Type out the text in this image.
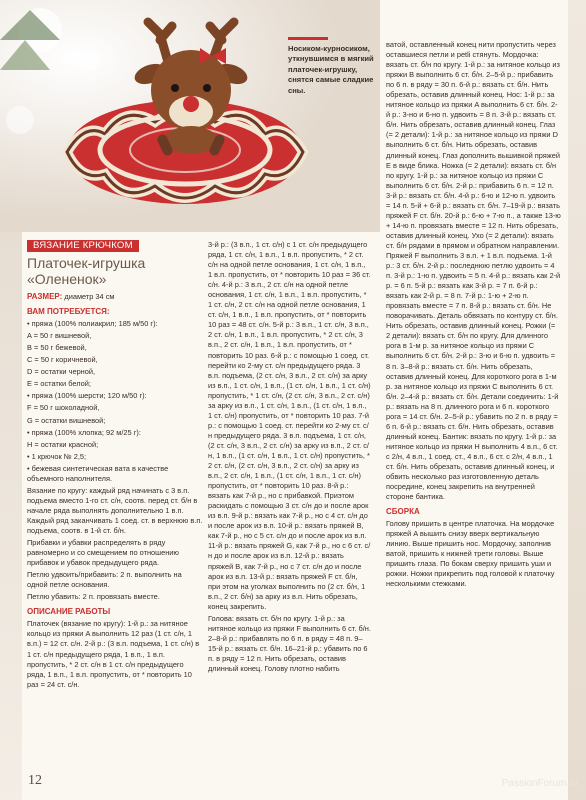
Носиком-курносиком, уткнувшимся в мягкий платочек-игрушку, снятся самые сладкие сны.
ВЯЗАНИЕ КРЮЧКОМ
Платочек-игрушка
«Олененок»

РАЗМЕР: диаметр 34 см

ВАМ ПОТРЕБУЕТСЯ:

• пряжа (100% полиакрил; 185 м/50 г):

A = 50 г вишневой,

B = 50 г бежевой,

C = 50 г коричневой,

D = остатки черной,

E = остатки белой;

• пряжа (100% шерсти; 120 м/50 г):

F = 50 г шоколадной,

G = остатки вишневой;

• пряжа (100% хлопка; 92 м/25 г):

H = остатки красной;

• 1 крючок № 2,5;

• бежевая синтетическая вата в качестве объемного наполнителя.

Вязание по кругу: каждый ряд начинать с 3 в.п. подъема вместо 1-го ст. с/н, соотв. перед ст. б/н в начале ряда выполнять дополнительно 1 в.п. Каждый ряд заканчивать 1 соед. ст. в верхнюю в.п. подъема, соотв. в 1-й ст. б/н.

Прибавки и убавки распределять в ряду равномерно и со смещением по отношению прибавок и убавок предыдущего ряда.

Петлю удвоить/прибавить: 2 п. выполнить на одной петле основания.

Петлю убавить: 2 п. провязать вместе.

ОПИСАНИЕ РАБОТЫ

Платочек (вязание по кругу): 1-й р.: за нитяное кольцо из пряжи A выполнить 12 раз (1 ст. с/н, 1 в.п.) = 12 ст. с/н. 2-й р.: (3 в.п. подъема, 1 ст. с/н) в 1 ст. с/н предыдущего ряда, 1 в.п., 1 в.п. пропустить, * 2 ст. с/н в 1 ст. с/н предыдущего ряда, 1 в.п., 1 в.п. пропустить, от * повторить 10 раз = 24 ст. с/н.

3-й р.: (3 в.п., 1 ст. с/н) с 1 ст. с/н предыдущего ряда, 1 ст. с/н, 1 в.п., 1 в.п. пропустить, * 2 ст. с/н на одной петле основания, 1 ст. с/н, 1 в.п., 1 в.п. пропустить, от * повторить 10 раз = 36 ст. с/н. 4-й р.: 3 в.п., 2 ст. с/н на одной петле основания, 1 ст. с/н, 1 в.п., 1 в.п. пропустить, * 1 ст. с/н, 2 ст. с/н на одной петле основания, 1 ст. с/н, 1 в.п., 1 в.п. пропустить, от * повторить 10 раз = 48 ст. с/н. 5-й р.: 3 в.п., 1 ст. с/н, 3 в.п., 2 ст. с/н, 1 в.п., 1 в.п. пропустить, * 2 ст. с/н, 3 в.п., 2 ст. с/н, 1 в.п., 1 в.п. пропустить, от * повторить 10 раз. 6-й р.: с помощью 1 соед. ст. перейти ко 2-му ст. с/н предыдущего ряда. 3 в.п. подъема, (2 ст. с/н, 3 в.п., 2 ст. с/н) за арку из в.п., 1 ст. с/н, 1 в.п., (1 ст. с/н, 1 в.п., 1 ст. с/н) пропустить, * 1 ст. с/н, (2 ст. с/н, 3 в.п., 2 ст. с/н) за арку из в.п., 1 ст. с/н, 1 в.п., (1 ст. с/н, 1 в.п., 1 ст. с/н) пропустить, от * повторить 10 раз. 7-й р.: с помощью 1 соед. ст. перейти ко 2-му ст. с/н предыдущего ряда. 3 в.п. подъема, 1 ст. с/н, (2 ст. с/н, 3 в.п., 2 ст. с/н) за арку из в.п., 2 ст. с/н, 1 в.п., (1 ст. с/н, 1 в.п., 1 ст. с/н) пропустить, * 2 ст. с/н, (2 ст. с/н, 3 в.п., 2 ст. с/н) за арку из в.п., 2 ст. с/н, 1 в.п., (1 ст. с/н, 1 в.п., 1 ст. с/н) пропустить, от * повторить 10 раз. 8-й р.: вязать как 7-й р., но с прибавкой. Приэтом раскидать с помощью 3 ст. с/н до и после арок из в.п. 9-й р.: вязать как 7-й р., но с 4 ст. с/н до и после арок из в.п. 10-й р.: вязать пряжей B, как 7-й р., но с 5 ст. с/н до и после арок из в.п. 11-й р.: вязать пряжей G, как 7-й р., но с 6 ст. с/н до и после арок из в.п. 12-й р.: вязать пряжей B, как 7-й р., но с 7 ст. с/н до и после арок из в.п. 13-й р.: вязать пряжей F ст. б/н, при этом на уголках выполнить по (2 ст. б/н, 1 в.п., 2 ст. б/н) за арку из в.п. Нить обрезать, конец закрепить.

Голова: вязать ст. б/н по кругу. 1-й р.: за нитяное кольцо из пряжи F выполнить 6 ст. б/н. 2–8-й р.: прибавлять по 6 п. в ряду = 48 п. 9–15-й р.: вязать ст. б/н. 16–21-й р.: убавить по 6 п. в ряду = 12 п. Нить обрезать, оставив длинный конец. Голову плотно набить

ватой, оставленный конец нити пропустить через оставшиеся петли и petli стянуть. Мордочка: вязать ст. б/н по кругу. 1-й р.: за нитяное кольцо из пряжи B выполнить 6 ст. б/н. 2–5-й р.: прибавить по 6 п. в ряду = 30 п. 6-й р.: вязать ст. б/н. Нить обрезать, оставив длинный конец. Нос: 1-й р.: за нитяное кольцо из пряжи A выполнить 6 ст. б/н. 2-й р.: 3-но и 6-но п. удвоить = 8 п. 3-й р.: вязать ст. б/н. Нить обрезать, оставив длинный конец. Глаз (= 2 детали): 1-й р.: за нитяное кольцо из пряжи D выполнить 6 ст. б/н. Нить обрезать, оставив длинный конец. Глаз дополнить вышивкой пряжей E в виде блика. Ножка (= 2 детали): вязать ст. б/н по кругу. 1-й р.: за нитяное кольцо из пряжи C выполнить 6 ст. б/н. 2-й р.: прибавить 6 п. = 12 п. 3-й р.: вязать ст. б/н. 4-й р.: 6-ю и 12-ю п. удвоить = 14 п. 5-й + 6-й р.: вязать ст. б/н. 7–19-й р.: вязать пряжей F ст. б/н. 20-й р.: 6-ю + 7-ю п., а также 13-ю + 14-ю п. провязать вместе = 12 п. Нить обрезать, оставив длинный конец. Ухо (= 2 детали): вязать ст. б/н рядами в прямом и обратном направлении. Пряжей F выполнить 3 в.п. + 1 в.п. подъема. 1-й р.: 3 ст. б/н. 2-й р.: последнюю петлю удвоить = 4 п. 3-й р.: 1-ю п. удвоить = 5 п. 4-й р.: вязать как 2-й р. = 6 п. 5-й р.: вязать как 3-й р. = 7 п. 6-й р.: вязать как 2-й р. = 8 п. 7-й р.: 1-ю + 2-ю п. провязать вместе = 7 п. 8-й р.: вязать ст. б/н. Не поворачивать. Деталь обвязать по контуру ст. б/н. Нить обрезать, оставив длинный конец. Рожки (= 2 детали): вязать ст. б/н по кругу. Для длинного рога в 1-м р. за нитяное кольцо из пряжи C выполнить 6 ст. б/н. 2-й р.: 3-ю и 6-ю п. удвоить = 8 п. 3–8-й р.: вязать ст. б/н. Нить обрезать, оставив длинный конец. Для короткого рога в 1-м р. за нитяное кольцо из пряжи C выполнить 6 ст. б/н. 2–4-й р.: вязать ст. б/н. Детали соединить: 1-й р.: вязать на 8 п. длинного рога и 6 п. короткого рога = 14 ст. б/н. 2–5-й р.: убавить по 2 п. в ряду = 6 п. 6-й р.: вязать ст. б/н. Нить обрезать, оставив длинный конец. Бантик: вязать по кругу. 1-й р.: за нитяное кольцо из пряжи H выполнить 4 в.п., 6 ст. с 2/н, 4 в.п., 1 соед. ст., 4 в.п., 6 ст. с 2/н, 4 в.п., 1 ст. б/н. Нить обрезать, оставив длинный конец, и обвить несколько раз изготовленную деталь посредине, конец закрепить на внутренней стороне бантика.

СБОРКА

Голову пришить в центре платочка. На мордочке пряжей A вышить снизу вверх вертикальную линию. Выше пришить нос. Мордочку, заполнив ватой, пришить к нижней трети головы. Выше пришить глаза. По бокам сверху пришить уши и рожки. Ножки прикрепить под головой к платочку несколькими стежками.

12	PassionForum.ru
